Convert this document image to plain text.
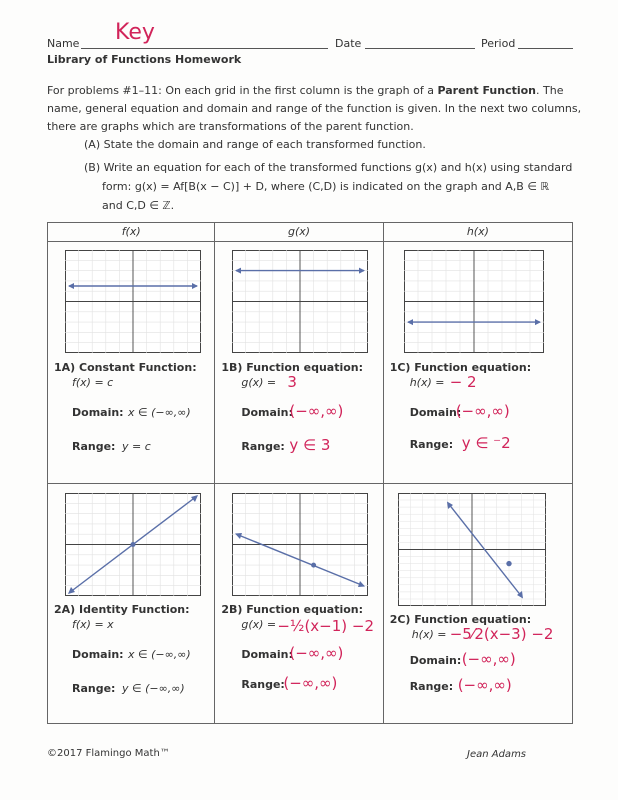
Name Key	Date	Period
Library of Functions Homework
For problems #1–11: On each grid in the first column is the graph of a Parent Function. The name, general equation and domain and range of the function is given. In the next two columns, there are graphs which are transformations of the parent function.
(A) State the domain and range of each transformed function.
(B) Write an equation for each of the transformed functions g(x) and h(x) using standard
form: g(x) = Af[B(x − C)] + D, where (C,D) is indicated on the graph and A,B ∈ ℝ
and C,D ∈ ℤ.
f(x)	g(x)	h(x)

1A) Constant Function:
f(x) = c
Domain: x ∈ (−∞,∞)
Range: y = c

1B) Function equation:
g(x) = 3
Domain:
(−∞,∞)
Range: y ∈ 3

1C) Function equation:
h(x) = − 2
Domain:
(−∞,∞)
Range: y ∈ ⁻2

2A) Identity Function:
f(x) = x
Domain: x ∈ (−∞,∞)
Range: y ∈ (−∞,∞)

2B) Function equation:
g(x) = −½(x−1) −2
Domain:
(−∞,∞)
Range:
(−∞,∞)

2C) Function equation:
h(x) = −5⁄2(x−3) −2
Domain: (−∞,∞)
Range: (−∞,∞)
©2017 Flamingo Math™	Jean Adams
